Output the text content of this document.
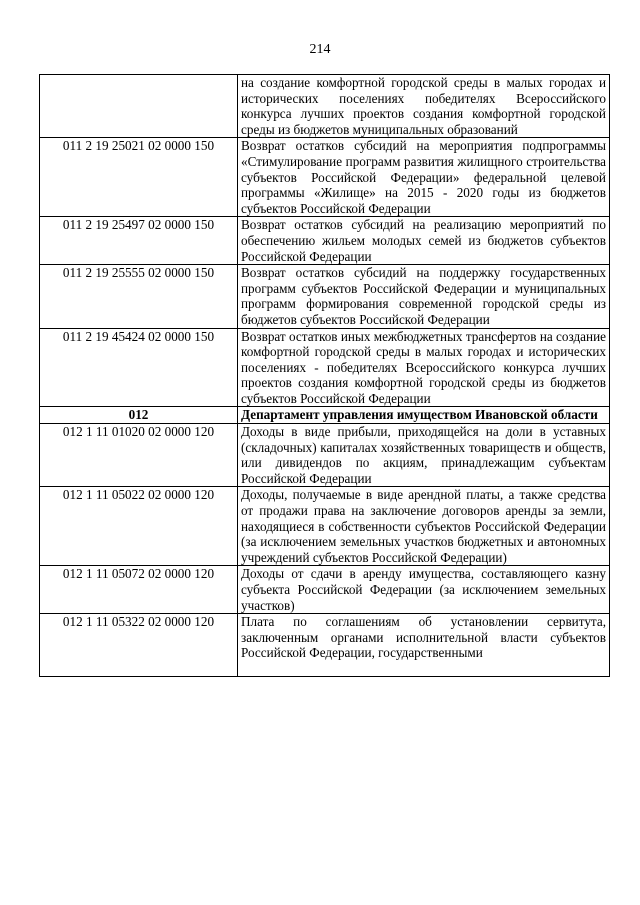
214
	на создание комфортной городской среды в малых городах и исторических поселениях победителях Всероссийского конкурса лучших проектов создания комфортной городской среды из бюджетов муниципальных образований
011 2 19 25021 02 0000 150	Возврат остатков субсидий на мероприятия подпрограммы «Стимулирование программ развития жилищного строительства субъектов Российской Федерации» федеральной целевой программы «Жилище» на 2015 - 2020 годы из бюджетов субъектов Российской Федерации
011 2 19 25497 02 0000 150	Возврат остатков субсидий на реализацию мероприятий по обеспечению жильем молодых семей из бюджетов субъектов Российской Федерации
011 2 19 25555 02 0000 150	Возврат остатков субсидий на поддержку государственных программ субъектов Российской Федерации и муниципальных программ формирования современной городской среды из бюджетов субъектов Российской Федерации
011 2 19 45424 02 0000 150	Возврат остатков иных межбюджетных трансфертов на создание комфортной городской среды в малых городах и исторических поселениях - победителях Всероссийского конкурса лучших проектов создания комфортной городской среды из бюджетов субъектов Российской Федерации
012	Департамент управления имуществом Ивановской области
012 1 11 01020 02 0000 120	Доходы в виде прибыли, приходящейся на доли в уставных (складочных) капиталах хозяйственных товариществ и обществ, или дивидендов по акциям, принадлежащим субъектам Российской Федерации
012 1 11 05022 02 0000 120	Доходы, получаемые в виде арендной платы, а также средства от продажи права на заключение договоров аренды за земли, находящиеся в собственности субъектов Российской Федерации (за исключением земельных участков бюджетных и автономных учреждений субъектов Российской Федерации)
012 1 11 05072 02 0000 120	Доходы от сдачи в аренду имущества, составляющего казну субъекта Российской Федерации (за исключением земельных участков)
012 1 11 05322 02 0000 120	Плата по соглашениям об установлении сервитута, заключенным органами исполнительной власти субъектов Российской Федерации, государственными
